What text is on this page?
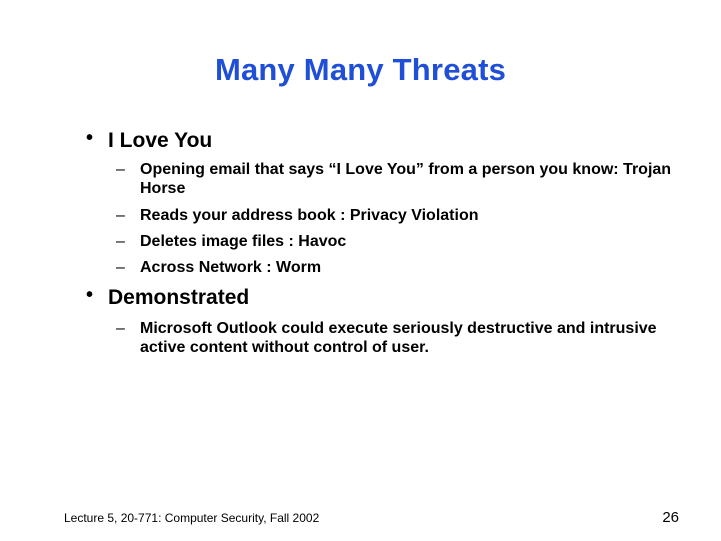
Many Many Threats
• I Love You
– Opening email that says “I Love You” from a person you know: Trojan Horse
– Reads your address book : Privacy Violation
– Deletes image files : Havoc
– Across Network : Worm
• Demonstrated
– Microsoft Outlook could execute seriously destructive and intrusive active content without control of user.
Lecture 5, 20-771: Computer Security, Fall 2002	26
